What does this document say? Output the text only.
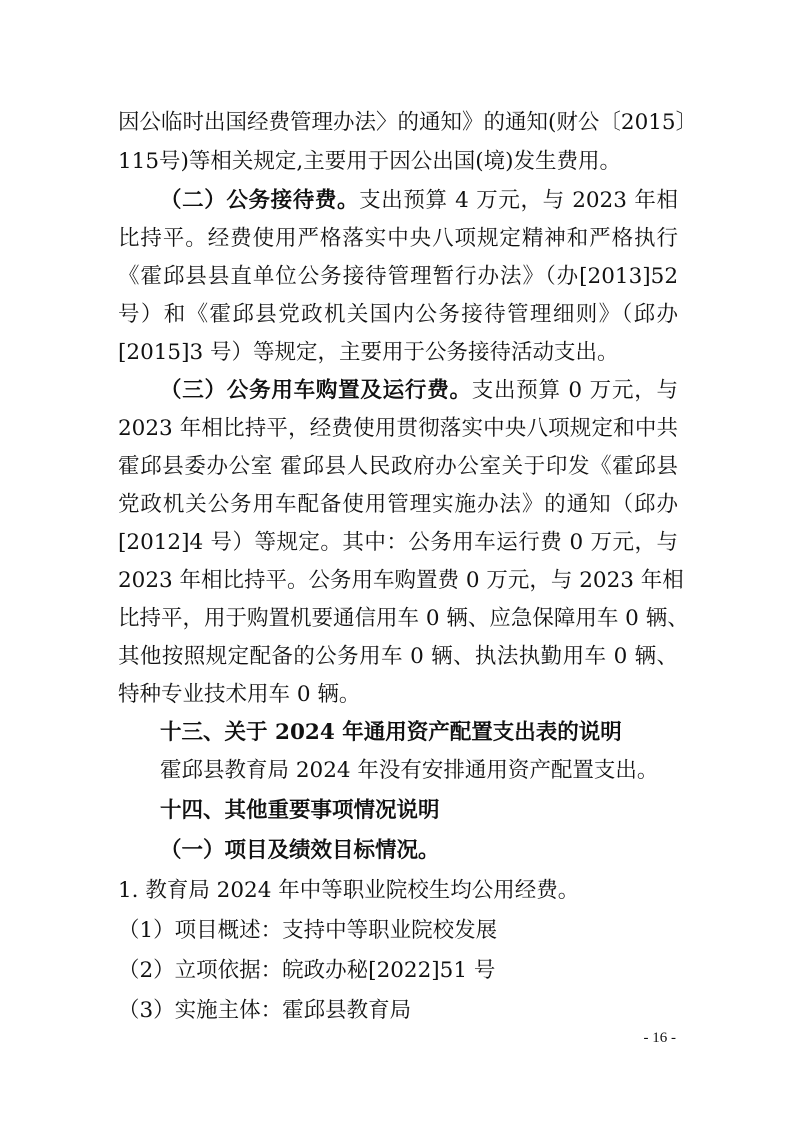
因公临时出国经费管理办法〉的通知》的通知(财公〔2015〕
115号)等相关规定,主要用于因公出国(境)发生费用。
（二）公务接待费。支出预算 4 万元，与 2023 年相
比持平。经费使用严格落实中央八项规定精神和严格执行
《霍邱县县直单位公务接待管理暂行办法》（办[2013]52
号）和《霍邱县党政机关国内公务接待管理细则》（邱办
[2015]3 号）等规定，主要用于公务接待活动支出。
（三）公务用车购置及运行费。支出预算 0 万元，与
2023 年相比持平，经费使用贯彻落实中央八项规定和中共
霍邱县委办公室 霍邱县人民政府办公室关于印发《霍邱县
党政机关公务用车配备使用管理实施办法》的通知（邱办
[2012]4 号）等规定。其中：公务用车运行费 0 万元，与
2023 年相比持平。公务用车购置费 0 万元，与 2023 年相
比持平，用于购置机要通信用车 0 辆、应急保障用车 0 辆、
其他按照规定配备的公务用车 0 辆、执法执勤用车 0 辆、
特种专业技术用车 0 辆。
十三、关于 2024 年通用资产配置支出表的说明
霍邱县教育局 2024 年没有安排通用资产配置支出。
十四、其他重要事项情况说明
（一）项目及绩效目标情况。
1. 教育局 2024 年中等职业院校生均公用经费。
（1）项目概述：支持中等职业院校发展
（2）立项依据：皖政办秘[2022]51 号
（3）实施主体：霍邱县教育局
- 16 -
